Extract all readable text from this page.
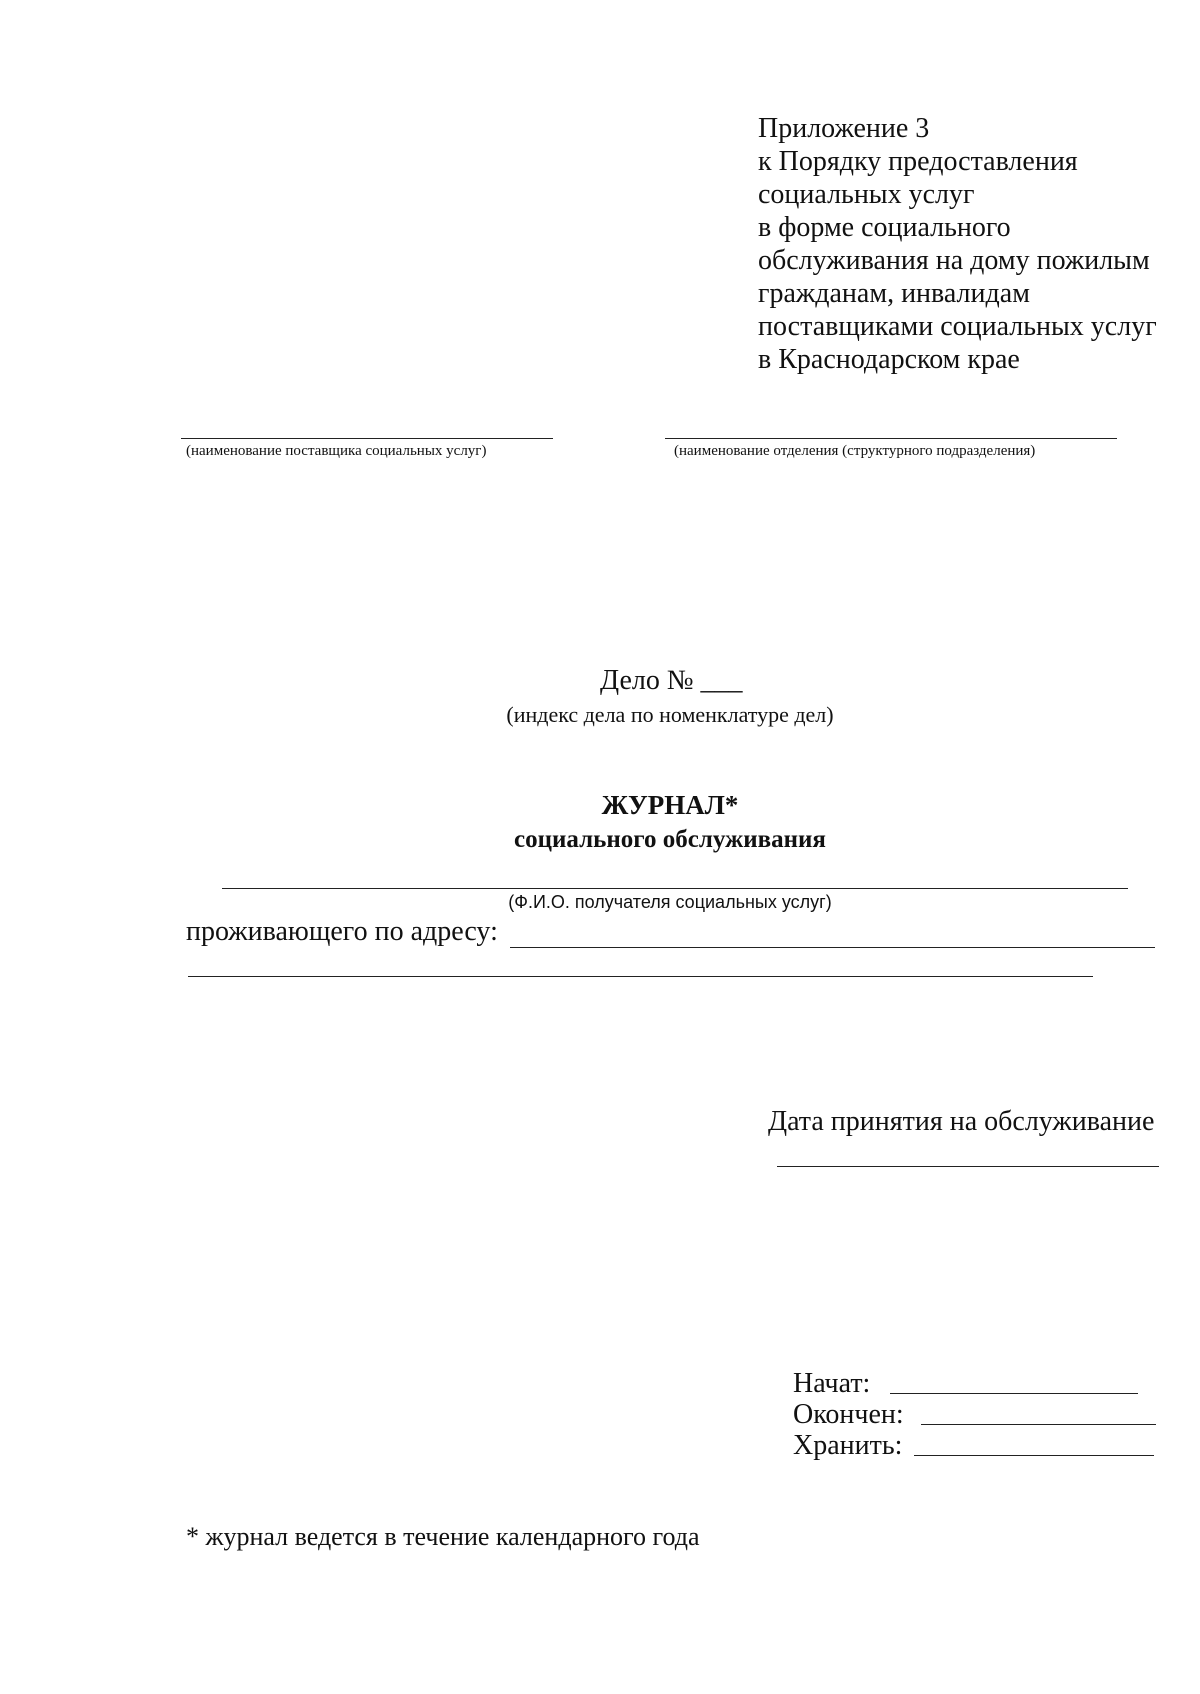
Приложение 3
к Порядку предоставления
социальных услуг
в форме социального
обслуживания на дому пожилым
гражданам, инвалидам
поставщиками социальных услуг
в Краснодарском крае
(наименование поставщика социальных услуг)	(наименование отделения (структурного подразделения)
Дело № ___
(индекс дела по номенклатуре дел)
ЖУРНАЛ*
социального обслуживания
(Ф.И.О. получателя социальных услуг)
проживающего по адресу:
Дата принятия на обслуживание
Начат:
Окончен:
Хранить:
* журнал ведется в течение календарного года
